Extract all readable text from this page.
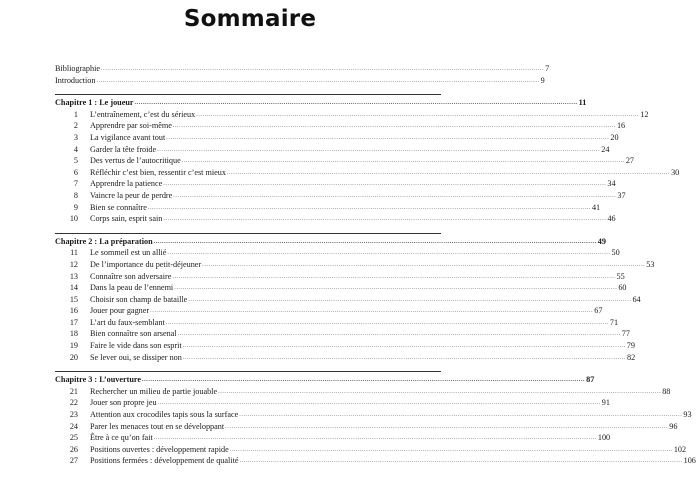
Sommaire
Bibliographie ................................................................................................................................................................................................................... 7
Introduction ................................................................................................................................................................................................................... 9
Chapitre 1 : Le joueur ................................................................................................................................................................................................................... 11
1	L’entraînement, c’est du sérieux ................................................................................................................................................................................................................... 12
2	Apprendre par soi-même ................................................................................................................................................................................................................... 16
3	La vigilance avant tout ................................................................................................................................................................................................................... 20
4	Garder la tête froide ................................................................................................................................................................................................................... 24
5	Des vertus de l’autocritique ................................................................................................................................................................................................................... 27
6	Réfléchir c’est bien, ressentir c’est mieux ................................................................................................................................................................................................................... 30
7	Apprendre la patience ................................................................................................................................................................................................................... 34
8	Vaincre la peur de perdre ................................................................................................................................................................................................................... 37
9	Bien se connaître ................................................................................................................................................................................................................... 41
10	Corps sain, esprit sain ................................................................................................................................................................................................................... 46
Chapitre 2 : La préparation ................................................................................................................................................................................................................... 49
11	Le sommeil est un allié ................................................................................................................................................................................................................... 50
12	De l’importance du petit-déjeuner ................................................................................................................................................................................................................... 53
13	Connaître son adversaire ................................................................................................................................................................................................................... 55
14	Dans la peau de l’ennemi ................................................................................................................................................................................................................... 60
15	Choisir son champ de bataille ................................................................................................................................................................................................................... 64
16	Jouer pour gagner ................................................................................................................................................................................................................... 67
17	L’art du faux-semblant ................................................................................................................................................................................................................... 71
18	Bien connaître son arsenal ................................................................................................................................................................................................................... 77
19	Faire le vide dans son esprit ................................................................................................................................................................................................................... 79
20	Se lever oui, se dissiper non ................................................................................................................................................................................................................... 82
Chapitre 3 : L’ouverture ................................................................................................................................................................................................................... 87
21	Rechercher un milieu de partie jouable ................................................................................................................................................................................................................... 88
22	Jouer son propre jeu ................................................................................................................................................................................................................... 91
23	Attention aux crocodiles tapis sous la surface ................................................................................................................................................................................................................... 93
24	Parer les menaces tout en se développant ................................................................................................................................................................................................................... 96
25	Être à ce qu’on fait ................................................................................................................................................................................................................... 100
26	Positions ouvertes : développement rapide ................................................................................................................................................................................................................... 102
27	Positions fermées : développement de qualité ................................................................................................................................................................................................................... 106
